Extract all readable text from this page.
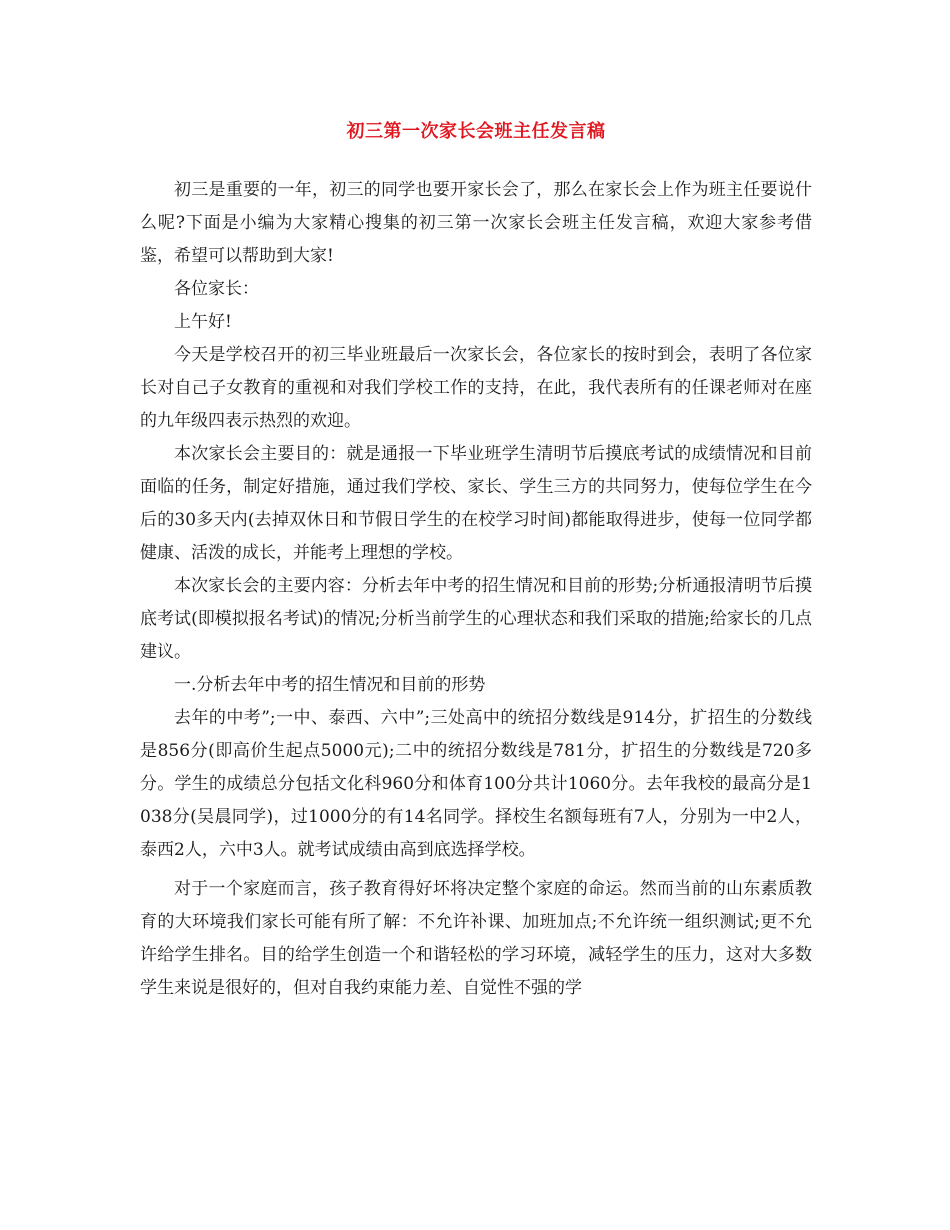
初三第一次家长会班主任发言稿

初三是重要的一年，初三的同学也要开家长会了，那么在家长会上作为班主任要说什么呢?下面是小编为大家精心搜集的初三第一次家长会班主任发言稿，欢迎大家参考借鉴，希望可以帮助到大家!

各位家长：

上午好!

今天是学校召开的初三毕业班最后一次家长会，各位家长的按时到会，表明了各位家长对自己子女教育的重视和对我们学校工作的支持，在此，我代表所有的任课老师对在座的九年级四表示热烈的欢迎。

本次家长会主要目的：就是通报一下毕业班学生清明节后摸底考试的成绩情况和目前面临的任务，制定好措施，通过我们学校、家长、学生三方的共同努力，使每位学生在今后的30多天内(去掉双休日和节假日学生的在校学习时间)都能取得进步，使每一位同学都健康、活泼的成长，并能考上理想的学校。

本次家长会的主要内容：分析去年中考的招生情况和目前的形势;分析通报清明节后摸底考试(即模拟报名考试)的情况;分析当前学生的心理状态和我们采取的措施;给家长的几点建议。

一.分析去年中考的招生情况和目前的形势

去年的中考”;一中、泰西、六中”;三处高中的统招分数线是914分，扩招生的分数线是856分(即高价生起点5000元);二中的统招分数线是781分，扩招生的分数线是720多分。学生的成绩总分包括文化科960分和体育100分共计1060分。去年我校的最高分是1038分(吴晨同学)，过1000分的有14名同学。择校生名额每班有7人，分别为一中2人，泰西2人，六中3人。就考试成绩由高到底选择学校。

对于一个家庭而言，孩子教育得好坏将决定整个家庭的命运。然而当前的山东素质教育的大环境我们家长可能有所了解：不允许补课、加班加点;不允许统一组织测试;更不允许给学生排名。目的给学生创造一个和谐轻松的学习环境，减轻学生的压力，这对大多数学生来说是很好的，但对自我约束能力差、自觉性不强的学
